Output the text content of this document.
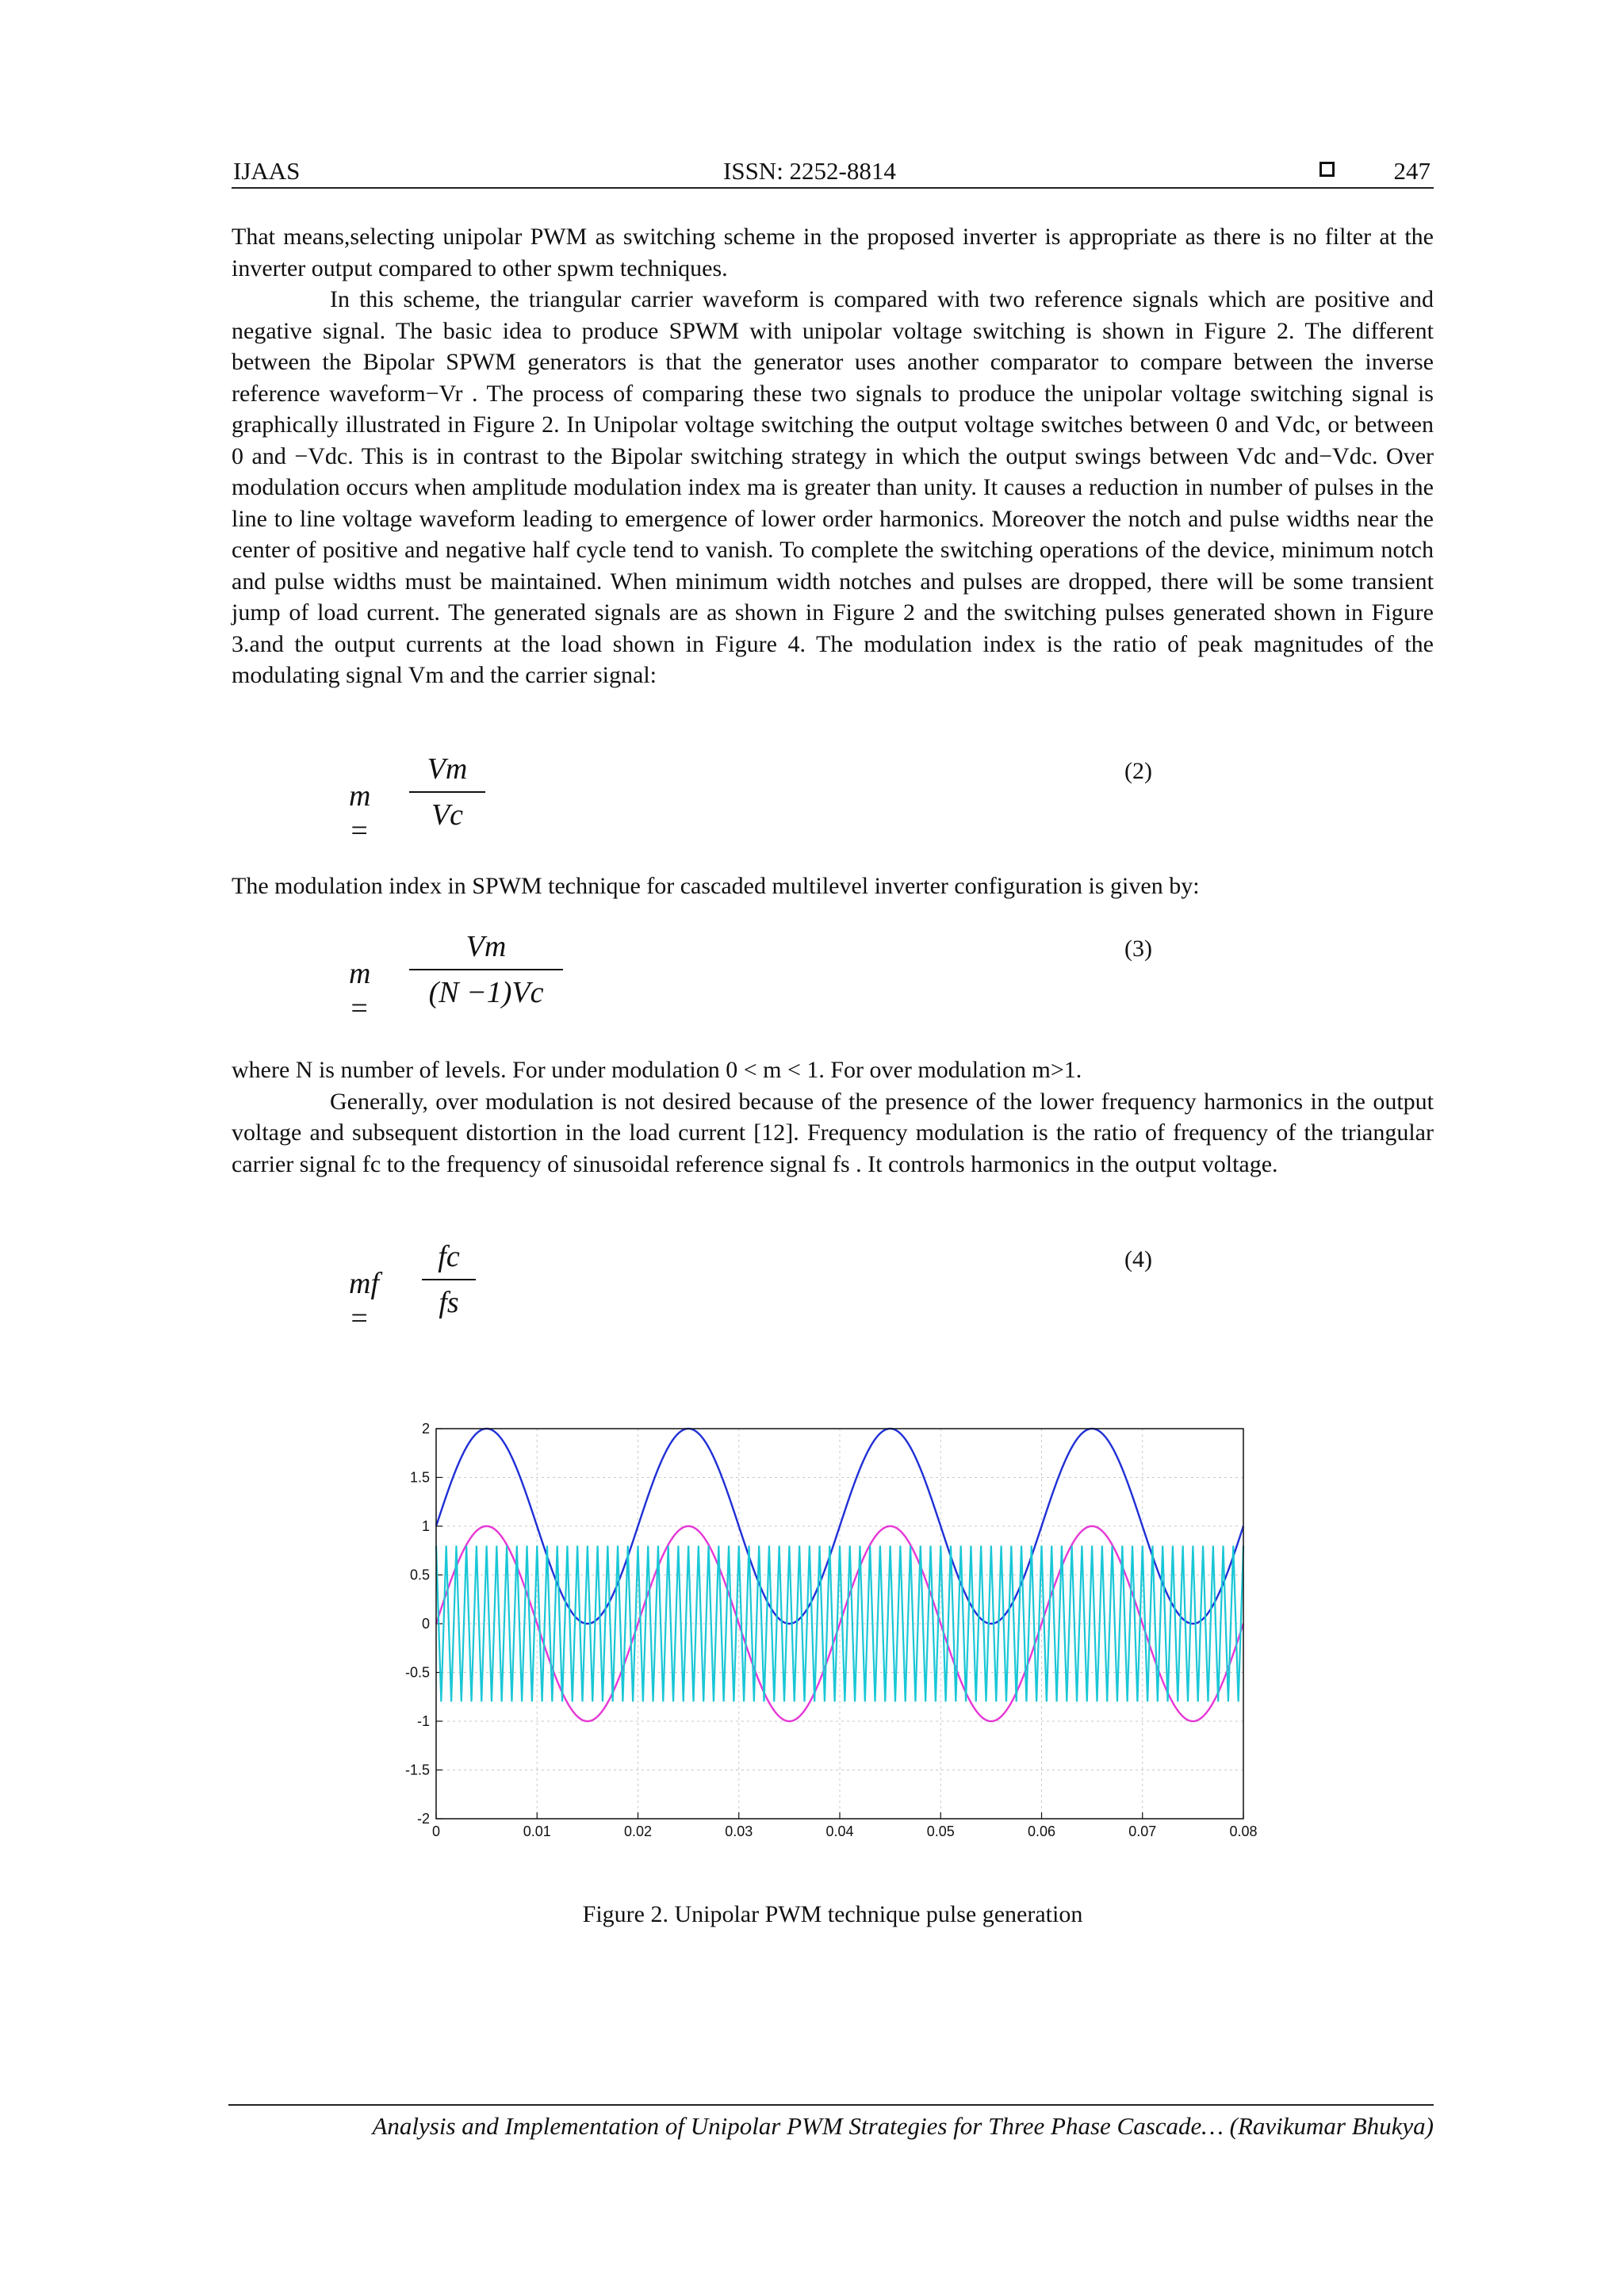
IJAAS	ISSN: 2252-8814	247

That means,selecting unipolar PWM as switching scheme in the proposed inverter is appropriate as there is no filter at the inverter output compared to other spwm techniques.

In this scheme, the triangular carrier waveform is compared with two reference signals which are positive and negative signal. The basic idea to produce SPWM with unipolar voltage switching is shown in Figure 2. The different between the Bipolar SPWM generators is that the generator uses another comparator to compare between the inverse reference waveform−Vr . The process of comparing these two signals to produce the unipolar voltage switching signal is graphically illustrated in Figure 2. In Unipolar voltage switching the output voltage switches between 0 and Vdc, or between 0 and −Vdc. This is in contrast to the Bipolar switching strategy in which the output swings between Vdc and−Vdc. Over modulation occurs when amplitude modulation index ma is greater than unity. It causes a reduction in number of pulses in the line to line voltage waveform leading to emergence of lower order harmonics. Moreover the notch and pulse widths near the center of positive and negative half cycle tend to vanish. To complete the switching operations of the device, minimum notch and pulse widths must be maintained. When minimum width notches and pulses are dropped, there will be some transient jump of load current. The generated signals are as shown in Figure 2 and the switching pulses generated shown in Figure 3.and the output currents at the load shown in Figure 4. The modulation index is the ratio of peak magnitudes of the modulating signal Vm and the carrier signal:

m =
Vm
Vc
(2)

The modulation index in SPWM technique for cascaded multilevel inverter configuration is given by:

m =
Vm
(N −1)Vc
(3)

where N is number of levels. For under modulation 0 < m < 1. For over modulation m>1.

Generally, over modulation is not desired because of the presence of the lower frequency harmonics in the output voltage and subsequent distortion in the load current [12]. Frequency modulation is the ratio of frequency of the triangular carrier signal fc to the frequency of sinusoidal reference signal fs . It controls harmonics in the output voltage.

mf =
fc
fs
(4)
0	0.01	0.02	0.03	0.04	0.05	0.06	0.07	0.08
2
1.5
1
0.5
0
-0.5
-1
-1.5
-2
Figure 2. Unipolar PWM technique pulse generation
Analysis and Implementation of Unipolar PWM Strategies for Three Phase Cascade… (Ravikumar Bhukya)
